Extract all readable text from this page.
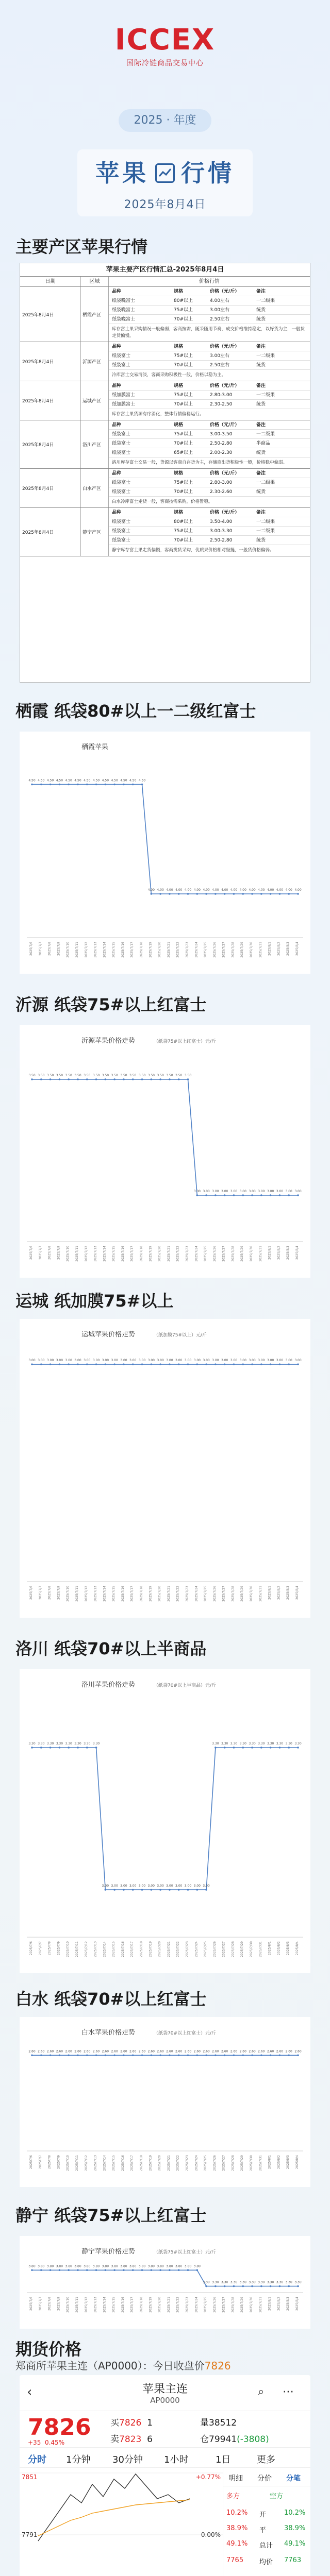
ICCEX
国际冷链商品交易中心
2025 · 年度
苹果 行情
2025年8月4日
主要产区苹果行情
苹果主要产区行情汇总-2025年8月4日
日期	区域	价格行情
2025年8月4日	栖霞产区
品种	规格	价格（元/斤）	备注
纸袋晚富士	80#以上	4.00左右	一二级果
纸袋晚富士	75#以上	3.00左右	统货
纸袋晚富士	70#以上	2.50左右	统货
库存富士果采购情况一般偏弱，客商按需，随采随用节奏，成交价格维持稳定，以好货为主，一般货走货偏慢。
2025年8月4日	沂源产区
品种	规格	价格（元/斤）	备注
纸袋富士	75#以上	3.00左右	一二级果
纸袋富士	70#以上	2.50左右	统货
冷库富士交易清淡，客商采购积极性一般，价格以稳为主。
2025年8月4日	运城产区
品种	规格	价格（元/斤）	备注
纸加膜富士	75#以上	2.80-3.00	一二级果
纸加膜富士	70#以上	2.30-2.50	统货
库存富士果货源有序消化，整体行情偏稳运行。
2025年8月4日	洛川产区
品种	规格	价格（元/斤）	备注
纸袋富士	75#以上	3.00-3.50	一二级果
纸袋富士	70#以上	2.50-2.80	半商品
纸袋富士	65#以上	2.00-2.30	统货
洛川库存富士交易一般，货源以客商自存货为主，存储商出货积极性一般，价格稳中偏弱。
2025年8月4日	白水产区
品种	规格	价格（元/斤）	备注
纸袋富士	75#以上	2.80-3.00	一二级果
纸袋富士	70#以上	2.30-2.60	统货
白水冷库富士走货一般，客商按需采购，价格暂稳。
2025年8月4日	静宁产区
品种	规格	价格（元/斤）	备注
纸袋富士	80#以上	3.50-4.00	一二级果
纸袋富士	75#以上	3.00-3.30	一二级果
纸袋富士	70#以上	2.50-2.80	统货
静宁库存富士果走货偏慢，客商挑货采购，优质果价格相对坚挺，一般货价格偏弱。
栖霞 纸袋80#以上一二级红富士
栖霞苹果
4.50
2025/7/6
4.50
2025/7/7
4.50
2025/7/8
4.50
2025/7/9
4.50
2025/7/10
4.50
2025/7/11
4.50
2025/7/12
4.50
2025/7/13
4.50
2025/7/14
4.50
2025/7/15
4.50
2025/7/16
4.50
2025/7/17
4.50
2025/7/18
4.00
2025/7/19
4.00
2025/7/20
4.00
2025/7/21
4.00
2025/7/22
4.00
2025/7/23
4.00
2025/7/24
4.00
2025/7/25
4.00
2025/7/26
4.00
2025/7/27
4.00
2025/7/28
4.00
2025/7/29
4.00
2025/7/30
4.00
2025/7/31
4.00
2025/8/1
4.00
2025/8/2
4.00
2025/8/3
4.00
2025/8/4
沂源 纸袋75#以上红富士
沂源苹果价格走势	（纸袋75#以上红富士）元/斤
3.50
2025/7/6
3.50
2025/7/7
3.50
2025/7/8
3.50
2025/7/9
3.50
2025/7/10
3.50
2025/7/11
3.50
2025/7/12
3.50
2025/7/13
3.50
2025/7/14
3.50
2025/7/15
3.50
2025/7/16
3.50
2025/7/17
3.50
2025/7/18
3.50
2025/7/19
3.50
2025/7/20
3.50
2025/7/21
3.50
2025/7/22
3.50
2025/7/23
3.00
2025/7/24
3.00
2025/7/25
3.00
2025/7/26
3.00
2025/7/27
3.00
2025/7/28
3.00
2025/7/29
3.00
2025/7/30
3.00
2025/7/31
3.00
2025/8/1
3.00
2025/8/2
3.00
2025/8/3
3.00
2025/8/4
运城 纸加膜75#以上
运城苹果价格走势	（纸加膜75#以上）元/斤
3.00
2025/7/6
3.00
2025/7/7
3.00
2025/7/8
3.00
2025/7/9
3.00
2025/7/10
3.00
2025/7/11
3.00
2025/7/12
3.00
2025/7/13
3.00
2025/7/14
3.00
2025/7/15
3.00
2025/7/16
3.00
2025/7/17
3.00
2025/7/18
3.00
2025/7/19
3.00
2025/7/20
3.00
2025/7/21
3.00
2025/7/22
3.00
2025/7/23
3.00
2025/7/24
3.00
2025/7/25
3.00
2025/7/26
3.00
2025/7/27
3.00
2025/7/28
3.00
2025/7/29
3.00
2025/7/30
3.00
2025/7/31
3.00
2025/8/1
3.00
2025/8/2
3.00
2025/8/3
3.00
2025/8/4
洛川 纸袋70#以上半商品
洛川苹果价格走势	（纸袋70#以上半商品）元/斤
3.30
2025/7/6
3.30
2025/7/7
3.30
2025/7/8
3.30
2025/7/9
3.30
2025/7/10
3.30
2025/7/11
3.30
2025/7/12
3.30
2025/7/13
3.00
2025/7/14
3.00
2025/7/15
3.00
2025/7/16
3.00
2025/7/17
3.00
2025/7/18
3.00
2025/7/19
3.00
2025/7/20
3.00
2025/7/21
3.00
2025/7/22
3.00
2025/7/23
3.00
2025/7/24
3.00
2025/7/25
3.30
2025/7/26
3.30
2025/7/27
3.30
2025/7/28
3.30
2025/7/29
3.30
2025/7/30
3.30
2025/7/31
3.30
2025/8/1
3.30
2025/8/2
3.30
2025/8/3
3.30
2025/8/4
白水 纸袋70#以上红富士
白水苹果价格走势	（纸袋70#以上红富士）元/斤
2.60
2025/7/6
2.60
2025/7/7
2.60
2025/7/8
2.60
2025/7/9
2.60
2025/7/10
2.60
2025/7/11
2.60
2025/7/12
2.60
2025/7/13
2.60
2025/7/14
2.60
2025/7/15
2.60
2025/7/16
2.60
2025/7/17
2.60
2025/7/18
2.60
2025/7/19
2.60
2025/7/20
2.60
2025/7/21
2.60
2025/7/22
2.60
2025/7/23
2.60
2025/7/24
2.60
2025/7/25
2.60
2025/7/26
2.60
2025/7/27
2.60
2025/7/28
2.60
2025/7/29
2.60
2025/7/30
2.60
2025/7/31
2.60
2025/8/1
2.60
2025/8/2
2.60
2025/8/3
2.60
2025/8/4
静宁 纸袋75#以上红富士
静宁苹果价格走势	（纸袋75#以上红富士）元/斤
3.80
2025/7/6
3.80
2025/7/7
3.80
2025/7/8
3.80
2025/7/9
3.80
2025/7/10
3.80
2025/7/11
3.80
2025/7/12
3.80
2025/7/13
3.80
2025/7/14
3.80
2025/7/15
3.80
2025/7/16
3.80
2025/7/17
3.80
2025/7/18
3.80
2025/7/19
3.80
2025/7/20
3.80
2025/7/21
3.80
2025/7/22
3.80
2025/7/23
3.80
2025/7/24
3.30
2025/7/25
3.30
2025/7/26
3.30
2025/7/27
3.30
2025/7/28
3.30
2025/7/29
3.30
2025/7/30
3.30
2025/7/31
3.30
2025/8/1
3.30
2025/8/2
3.30
2025/8/3
3.30
2025/8/4
期货价格
郑商所苹果主连（AP0000）：今日收盘价7826
‹	苹果主连
AP0000
⌕ ⋯
7826
+35 0.45%
买7826 1
卖7823 6
量38512
仓79941(-3808)
分时 1分钟 30分钟 1小时	1日	更多
7851
7791
+0.77%
0.00%
明细 分价 分笔
多方	空方
10.2% 开	10.2%
38.9% 平	38.9%
49.1% 总计 49.1%
7765 均价 7763
